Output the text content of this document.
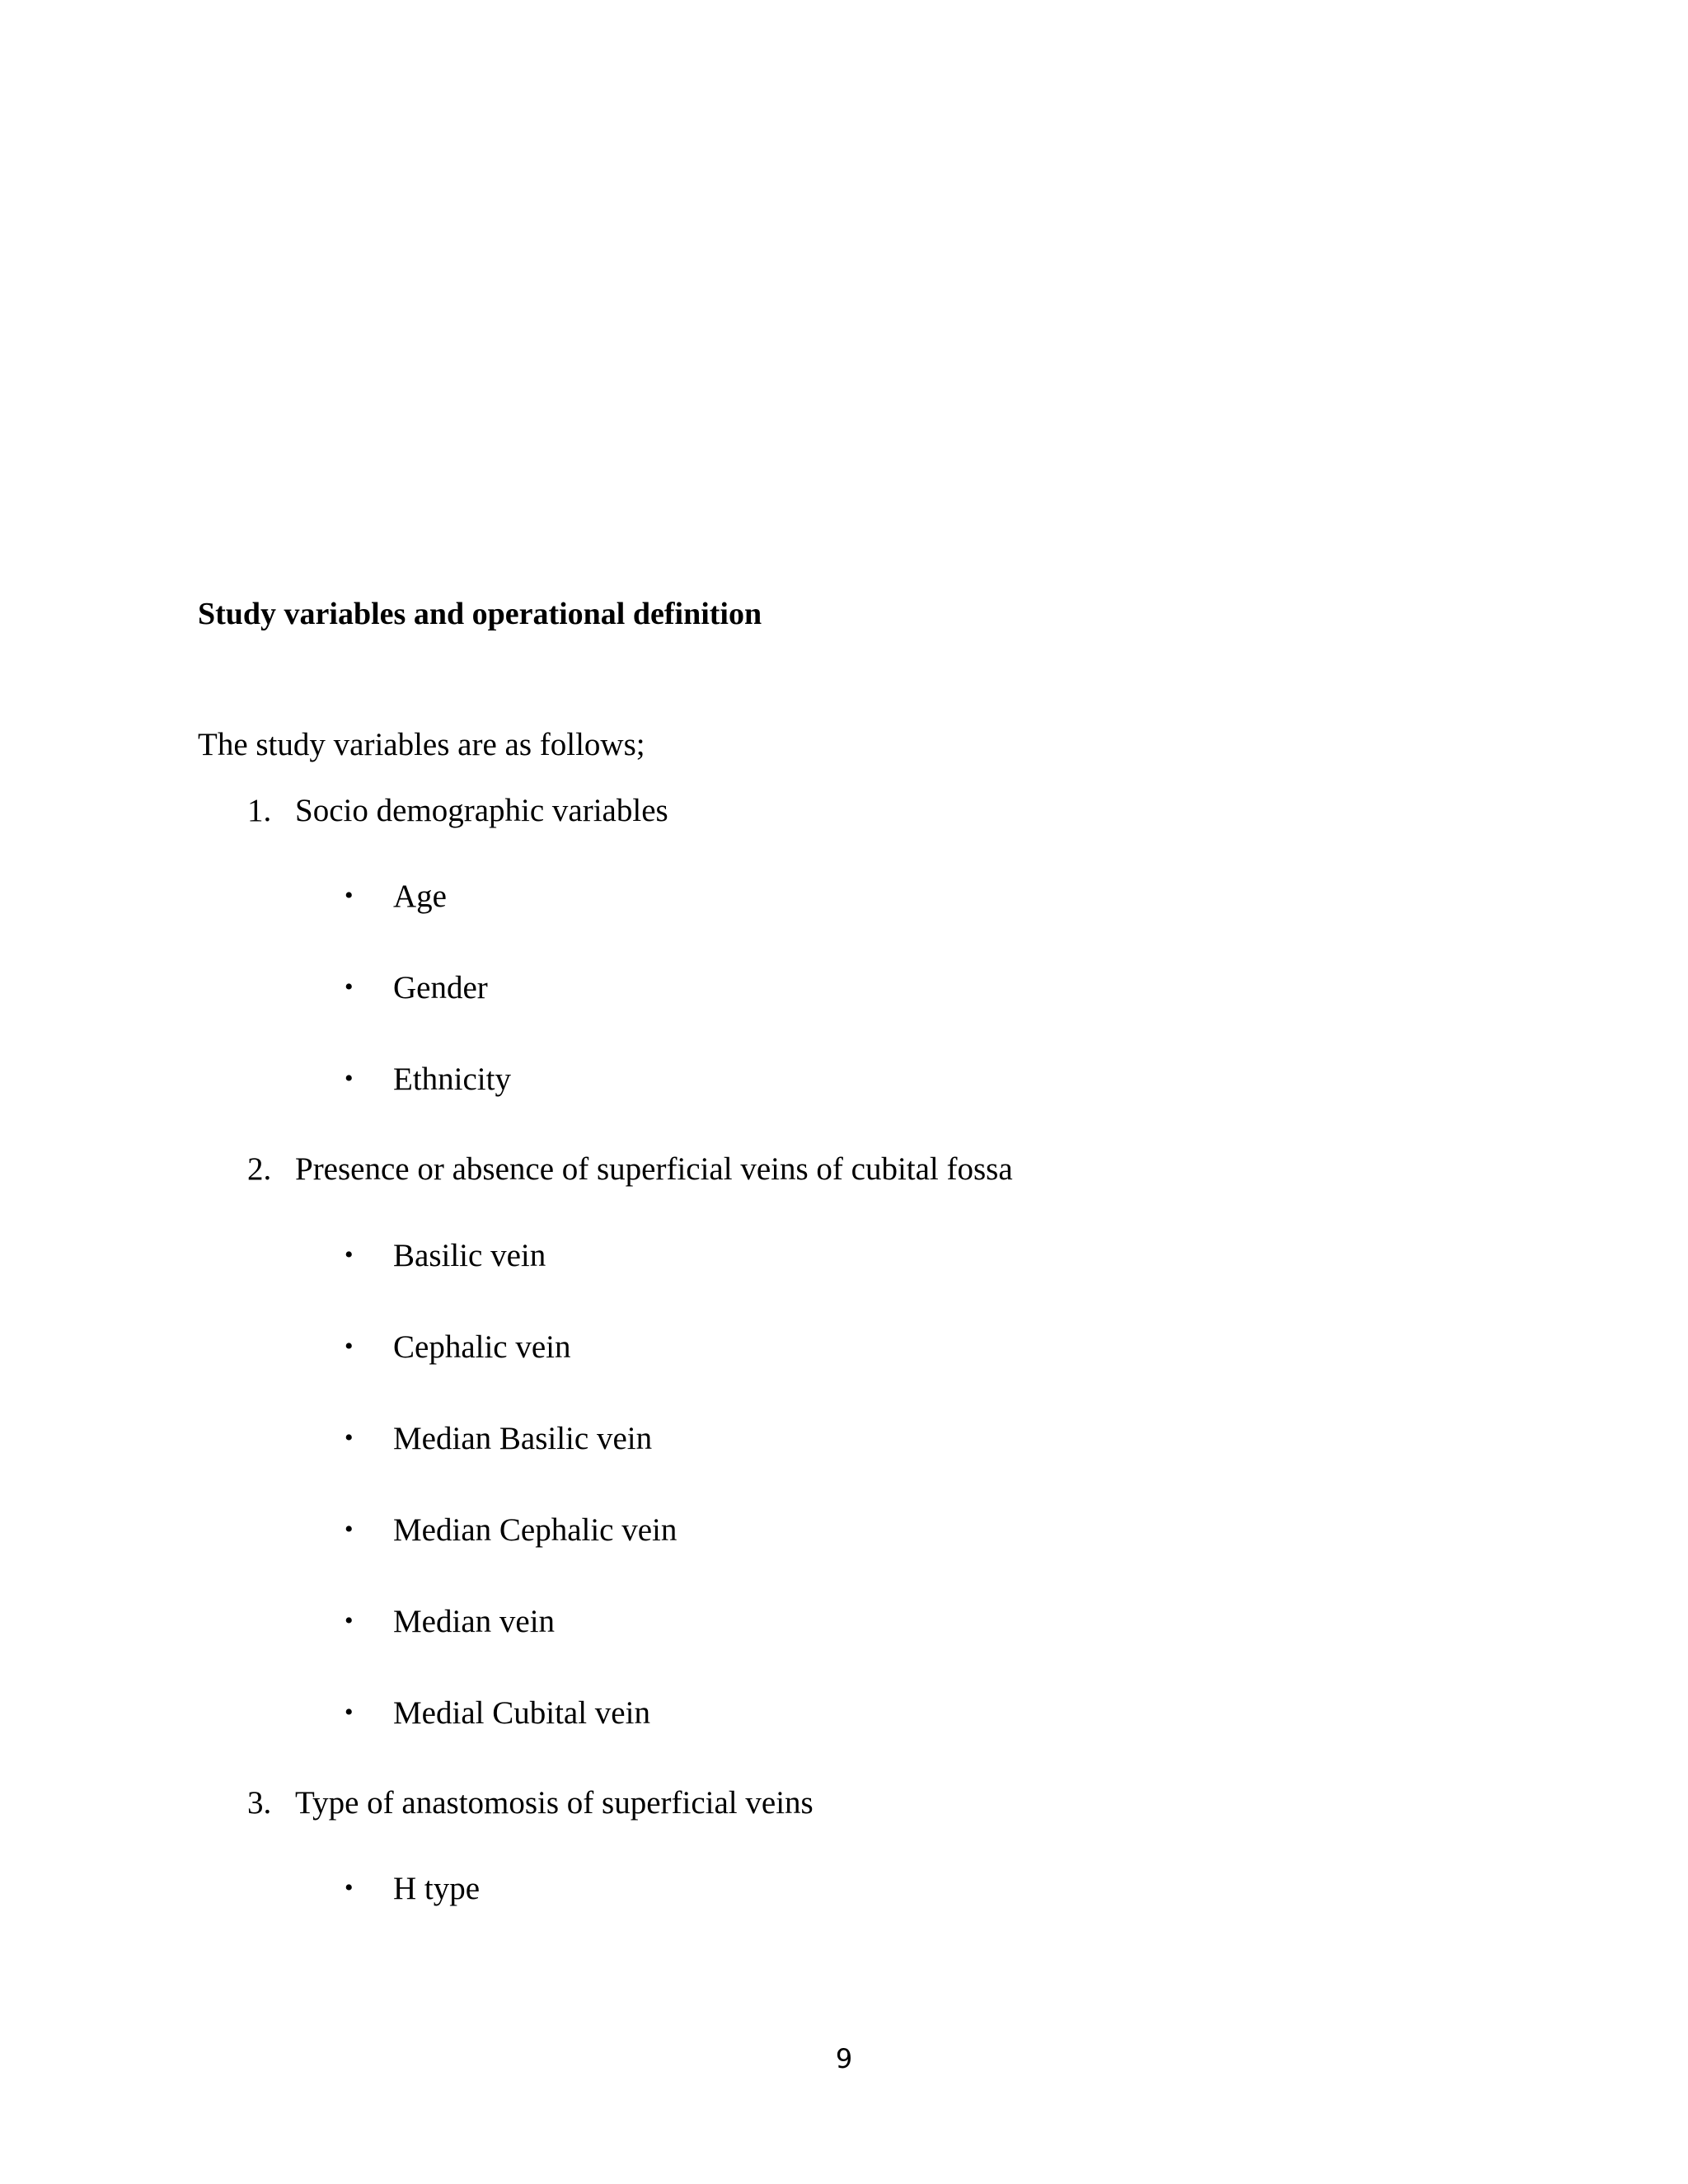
Study variables and operational definition
The study variables are as follows;
1. Socio demographic variables
• Age
• Gender
• Ethnicity
2. Presence or absence of superficial veins of cubital fossa
• Basilic vein
• Cephalic vein
• Median Basilic vein
• Median Cephalic vein
• Median vein
• Medial Cubital vein
3. Type of anastomosis of superficial veins
• H type
9
